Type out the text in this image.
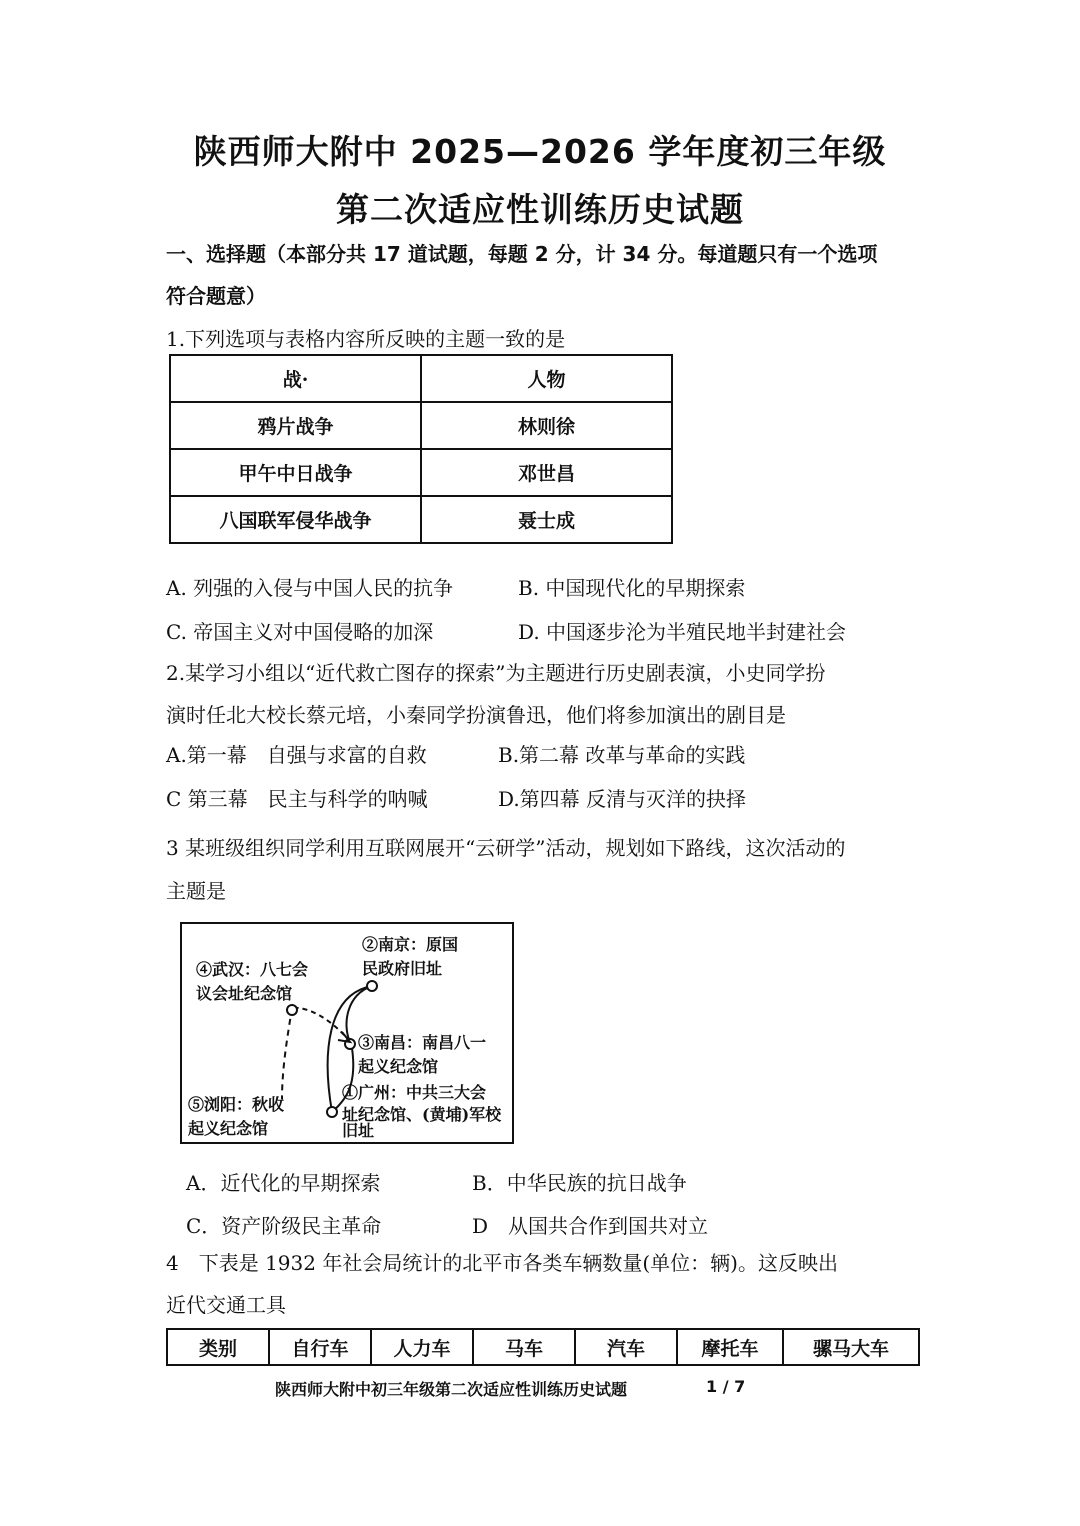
陕西师大附中 2025—2026 学年度初三年级
第二次适应性训练历史试题
一、选择题（本部分共 17 道试题，每题 2 分，计 34 分。每道题只有一个选项
符合题意）
1.下列选项与表格内容所反映的主题一致的是
战·	人物
鸦片战争	林则徐
甲午中日战争	邓世昌
八国联军侵华战争	聂士成
A. 列强的入侵与中国人民的抗争	B. 中国现代化的早期探索
C. 帝国主义对中国侵略的加深	D. 中国逐步沦为半殖民地半封建社会
2.某学习小组以“近代救亡图存的探索”为主题进行历史剧表演，小史同学扮
演时任北大校长蔡元培，小秦同学扮演鲁迅，他们将参加演出的剧目是
A.第一幕　自强与求富的自救	B.第二幕 改革与革命的实践
C 第三幕　民主与科学的呐喊	D.第四幕 反清与灭洋的抉择
3 某班级组织同学利用互联网展开“云研学”活动，规划如下路线，这次活动的
主题是
②南京：原国
民政府旧址
④武汉：八七会
议会址纪念馆
③南昌：南昌八一
起义纪念馆
①广州：中共三大会
址纪念馆、(黄埔)军校
旧址
⑤浏阳：秋收
起义纪念馆
A．近代化的早期探索	B．中华民族的抗日战争
C．资产阶级民主革命	D　从国共合作到国共对立
4　下表是 1932 年社会局统计的北平市各类车辆数量(单位：辆)。这反映出
近代交通工具
类别	自行车	人力车	马车	汽车	摩托车	骡马大车
陕西师大附中初三年级第二次适应性训练历史试题	1 / 7
